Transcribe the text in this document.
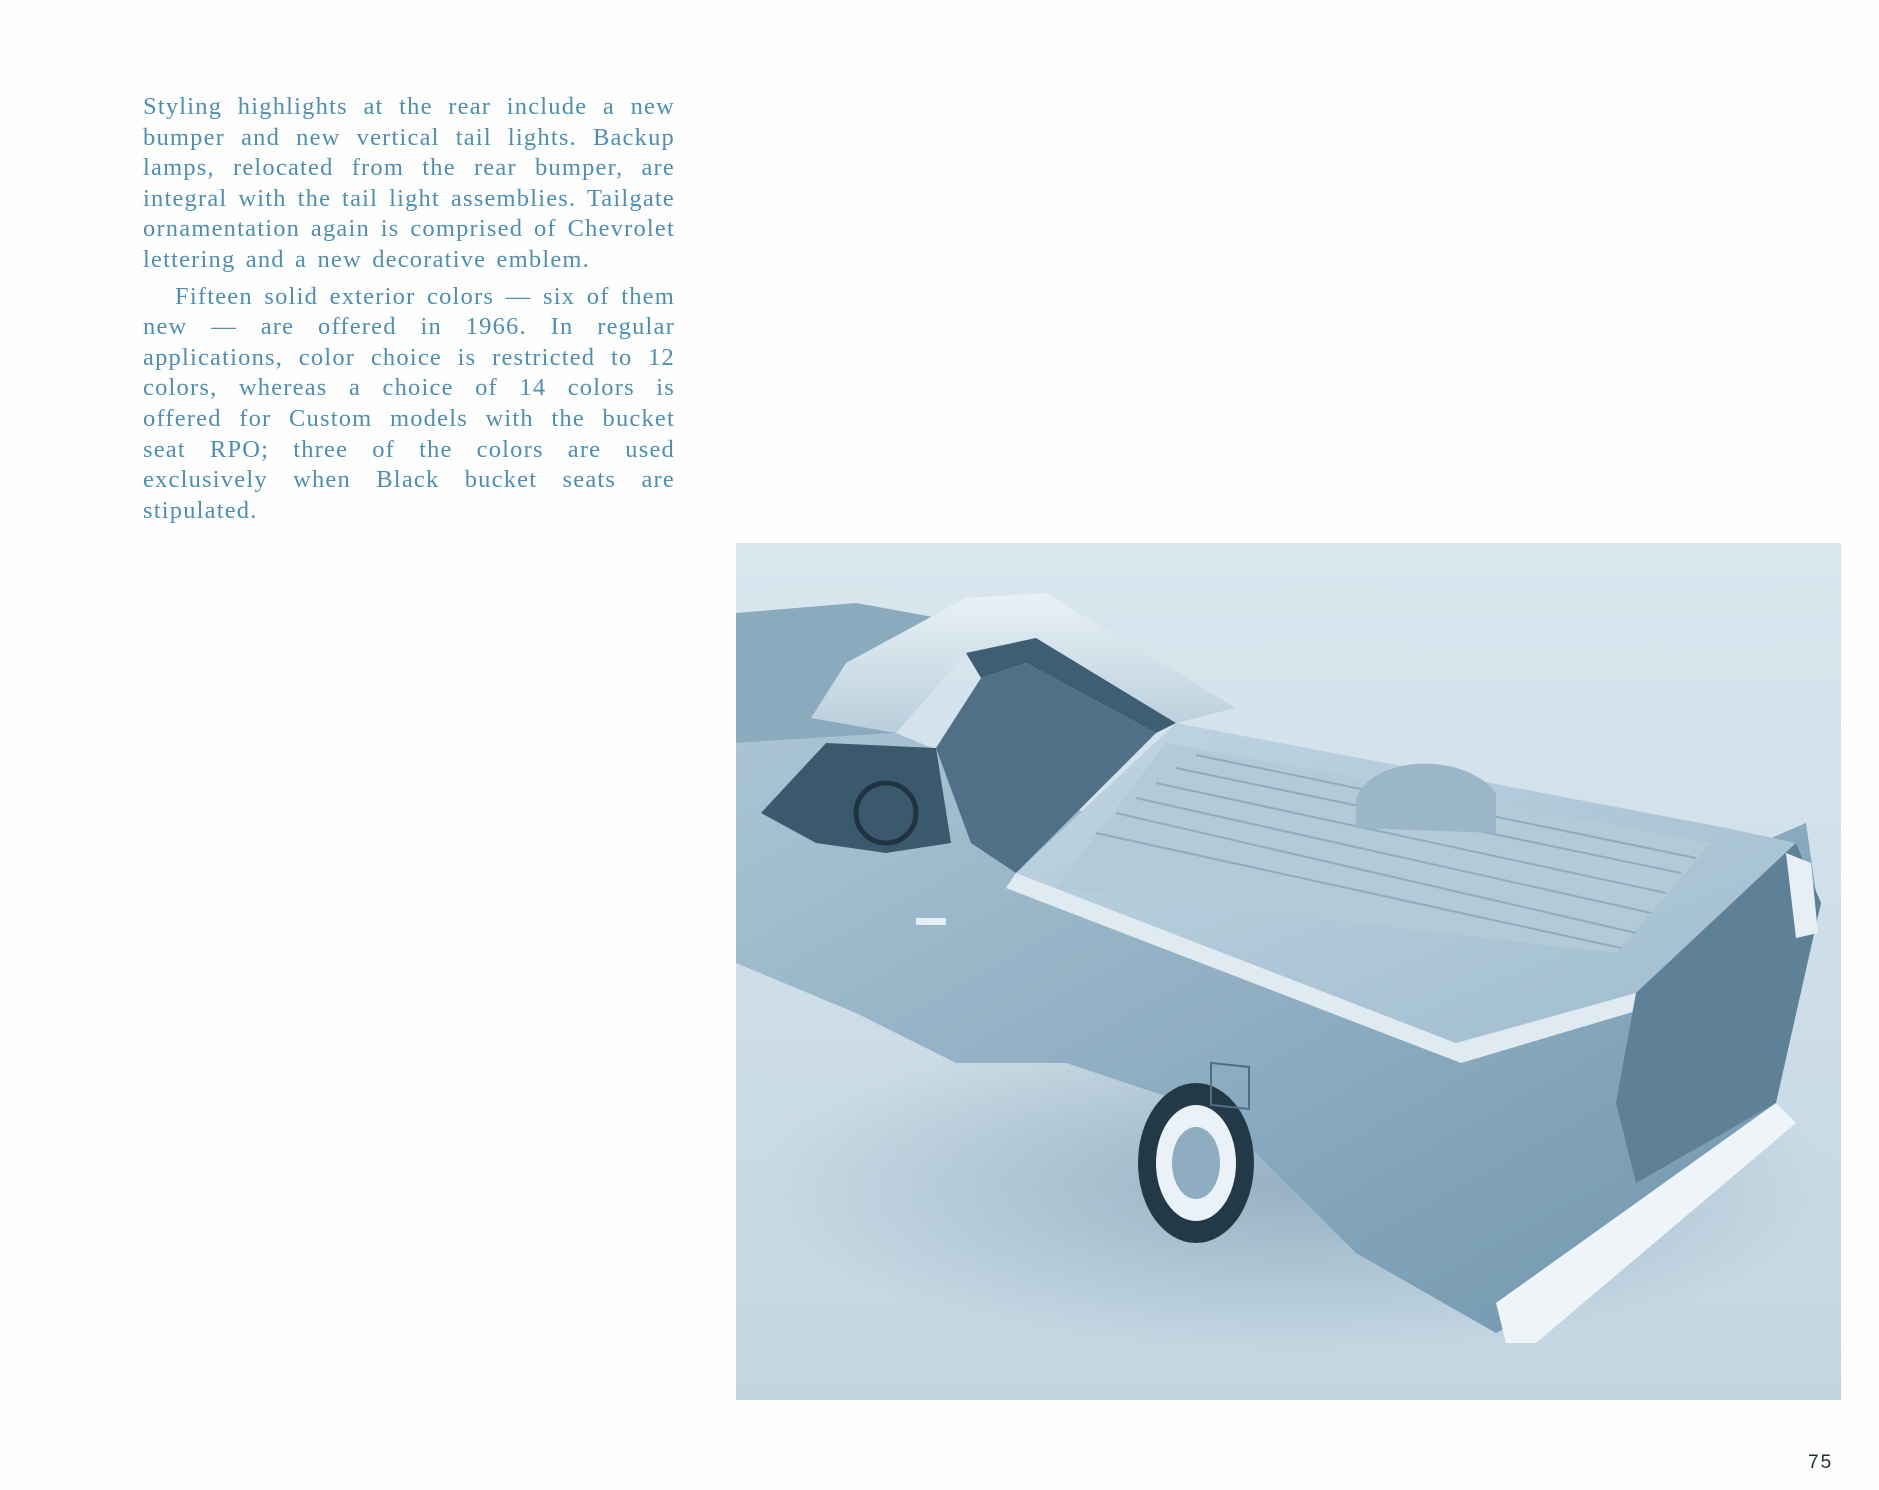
Styling highlights at the rear include a new bumper and new vertical tail lights. Backup lamps, relocated from the rear bumper, are integral with the tail light assemblies. Tailgate ornamentation again is comprised of Chevrolet lettering and a new decorative emblem.

Fifteen solid exterior colors — six of them new — are offered in 1966. In regular applications, color choice is restricted to 12 colors, whereas a choice of 14 colors is offered for Custom models with the bucket seat RPO; three of the colors are used exclusively when Black bucket seats are stipulated.

75
